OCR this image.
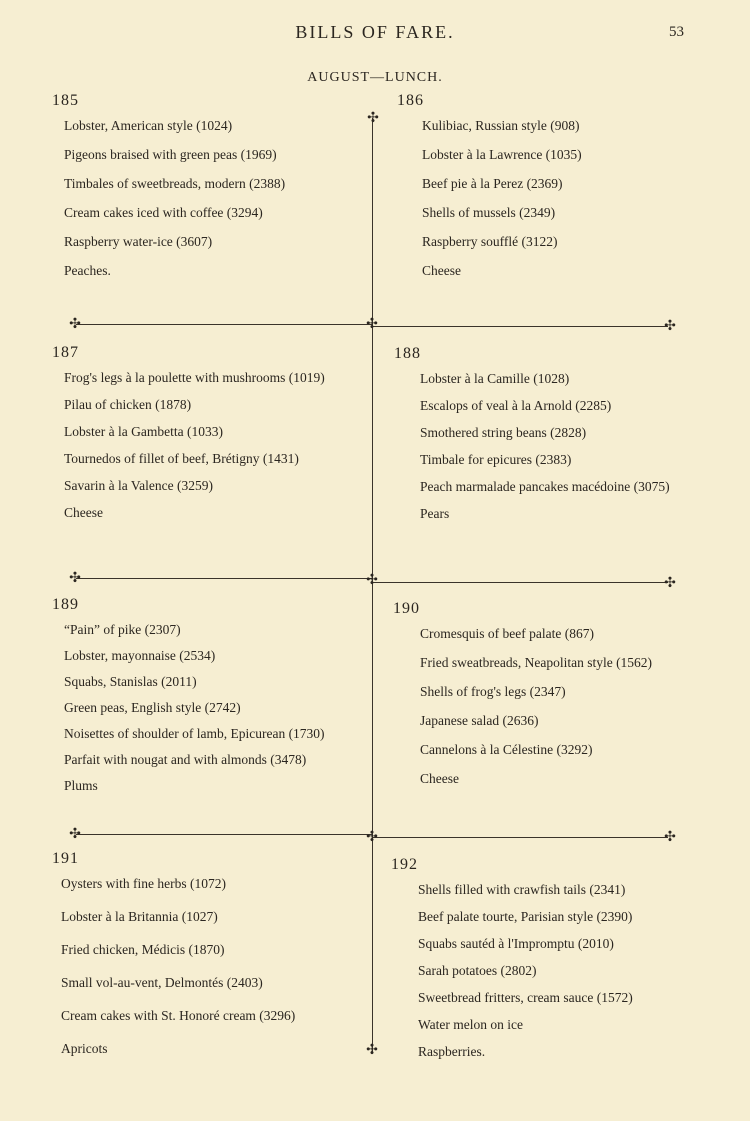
BILLS OF FARE.	53
AUGUST—LUNCH.
✣
✣	✣	✣
✣	✣	✣
✣	✣	✣
✣
185
Lobster, American style (1024)
Pigeons braised with green peas (1969)
Timbales of sweetbreads, modern (2388)
Cream cakes iced with coffee (3294)
Raspberry water-ice (3607)
Peaches.
186
Kulibiac, Russian style (908)
Lobster à la Lawrence (1035)
Beef pie à la Perez (2369)
Shells of mussels (2349)
Raspberry soufflé (3122)
Cheese
187
Frog's legs à la poulette with mushrooms (1019)
Pilau of chicken (1878)
Lobster à la Gambetta (1033)
Tournedos of fillet of beef, Brétigny (1431)
Savarin à la Valence (3259)
Cheese
188
Lobster à la Camille (1028)
Escalops of veal à la Arnold (2285)
Smothered string beans (2828)
Timbale for epicures (2383)
Peach marmalade pancakes macédoine (3075)
Pears
189
“Pain” of pike (2307)
Lobster, mayonnaise (2534)
Squabs, Stanislas (2011)
Green peas, English style (2742)
Noisettes of shoulder of lamb, Epicurean (1730)
Parfait with nougat and with almonds (3478)
Plums
190
Cromesquis of beef palate (867)
Fried sweatbreads, Neapolitan style (1562)
Shells of frog's legs (2347)
Japanese salad (2636)
Cannelons à la Célestine (3292)
Cheese
191
Oysters with fine herbs (1072)
Lobster à la Britannia (1027)
Fried chicken, Médicis (1870)
Small vol-au-vent, Delmontés (2403)
Cream cakes with St. Honoré cream (3296)
Apricots
192
Shells filled with crawfish tails (2341)
Beef palate tourte, Parisian style (2390)
Squabs sautéd à l'Impromptu (2010)
Sarah potatoes (2802)
Sweetbread fritters, cream sauce (1572)
Water melon on ice
Raspberries.
